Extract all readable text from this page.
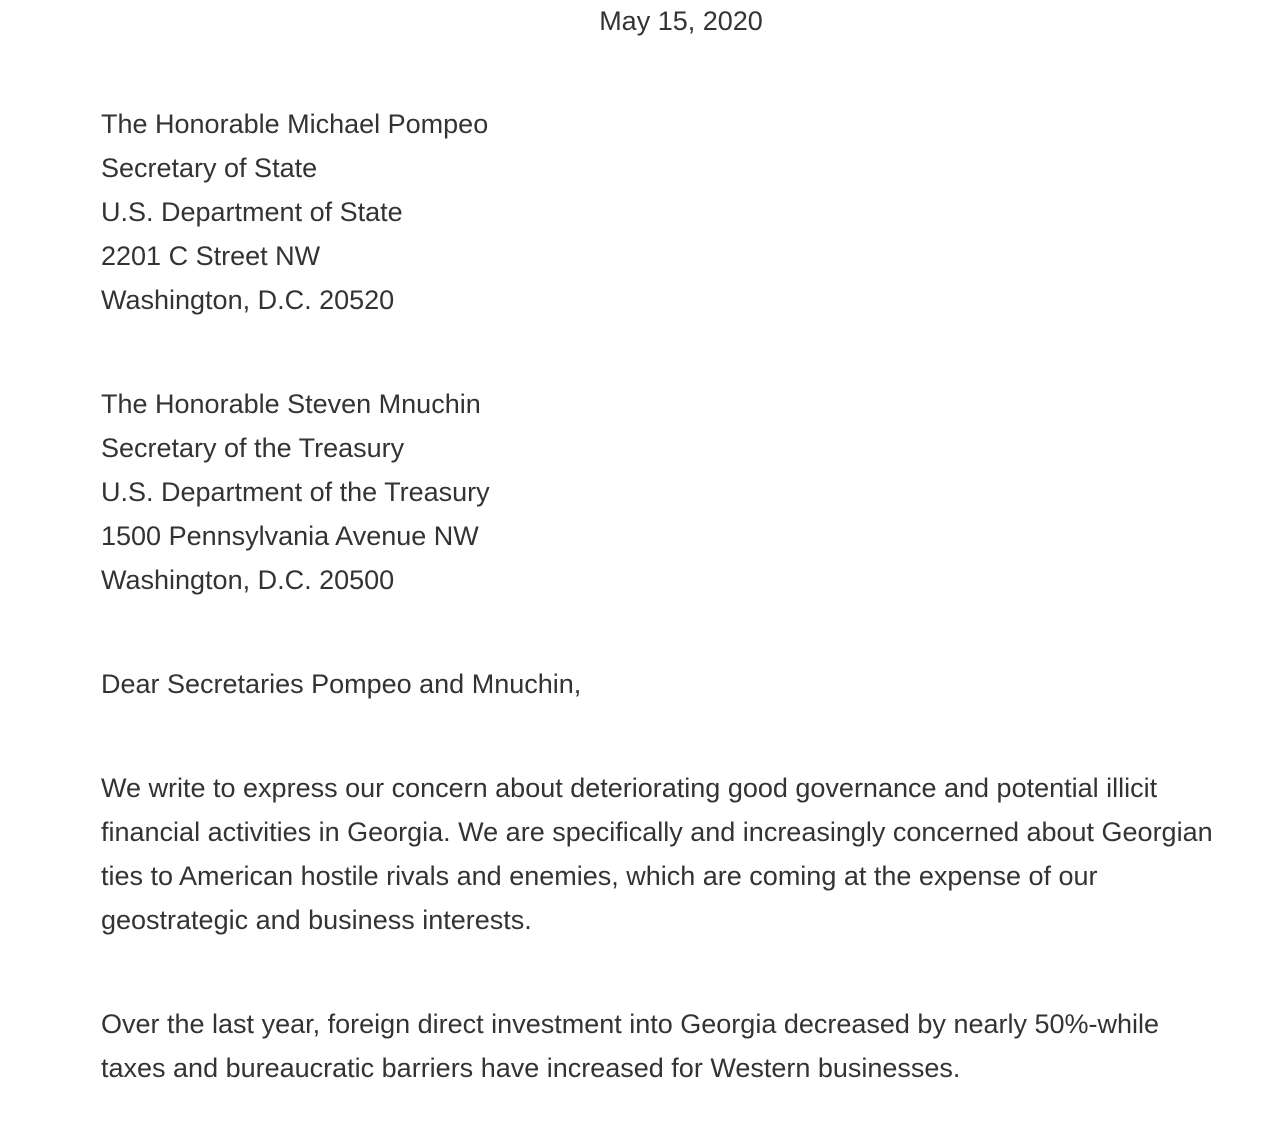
May 15, 2020
The Honorable Michael Pompeo
Secretary of State
U.S. Department of State
2201 C Street NW
Washington, D.C. 20520
The Honorable Steven Mnuchin
Secretary of the Treasury
U.S. Department of the Treasury
1500 Pennsylvania Avenue NW
Washington, D.C. 20500
Dear Secretaries Pompeo and Mnuchin,
We write to express our concern about deteriorating good governance and potential illicit
financial activities in Georgia. We are specifically and increasingly concerned about Georgian
ties to American hostile rivals and enemies, which are coming at the expense of our
geostrategic and business interests.
Over the last year, foreign direct investment into Georgia decreased by nearly 50%-while
taxes and bureaucratic barriers have increased for Western businesses.
